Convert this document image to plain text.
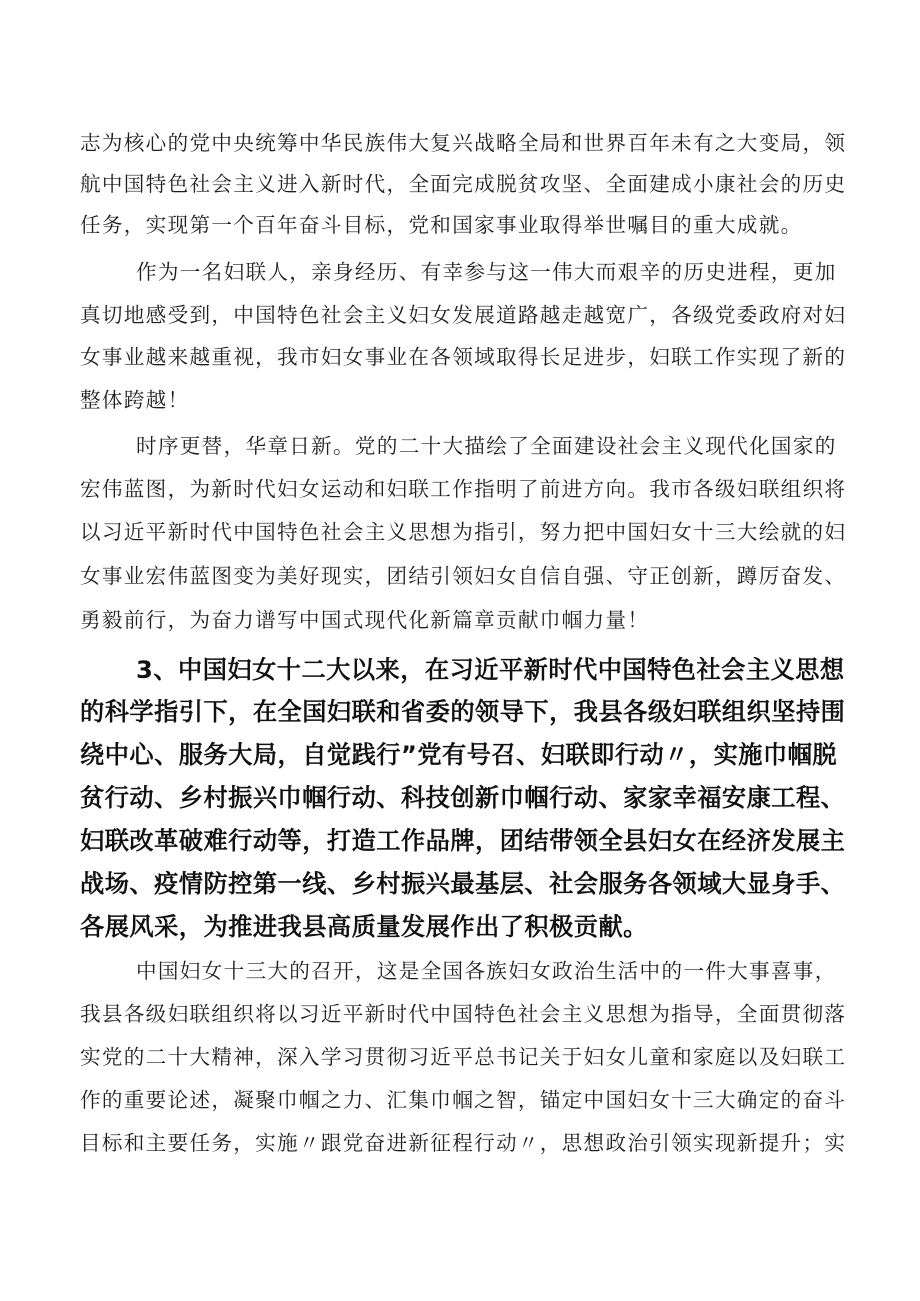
志为核心的党中央统筹中华民族伟大复兴战略全局和世界百年未有之大变局，领
航中国特色社会主义进入新时代，全面完成脱贫攻坚、全面建成小康社会的历史
任务，实现第一个百年奋斗目标，党和国家事业取得举世嘱目的重大成就。
作为一名妇联人，亲身经历、有幸参与这一伟大而艰辛的历史进程，更加
真切地感受到，中国特色社会主义妇女发展道路越走越宽广，各级党委政府对妇
女事业越来越重视，我市妇女事业在各领域取得长足进步，妇联工作实现了新的
整体跨越！
时序更替，华章日新。党的二十大描绘了全面建设社会主义现代化国家的
宏伟蓝图，为新时代妇女运动和妇联工作指明了前进方向。我市各级妇联组织将
以习近平新时代中国特色社会主义思想为指引，努力把中国妇女十三大绘就的妇
女事业宏伟蓝图变为美好现实，团结引领妇女自信自强、守正创新，蹲厉奋发、
勇毅前行，为奋力谱写中国式现代化新篇章贡献巾帼力量！
3、中国妇女十二大以来，在习近平新时代中国特色社会主义思想
的科学指引下，在全国妇联和省委的领导下，我县各级妇联组织坚持围
绕中心、服务大局，自觉践行”党有号召、妇联即行动〃，实施巾帼脱
贫行动、乡村振兴巾帼行动、科技创新巾帼行动、家家幸福安康工程、
妇联改革破难行动等，打造工作品牌，团结带领全县妇女在经济发展主
战场、疫情防控第一线、乡村振兴最基层、社会服务各领域大显身手、
各展风采，为推进我县高质量发展作出了积极贡献。
中国妇女十三大的召开，这是全国各族妇女政治生活中的一件大事喜事，
我县各级妇联组织将以习近平新时代中国特色社会主义思想为指导，全面贯彻落
实党的二十大精神，深入学习贯彻习近平总书记关于妇女儿童和家庭以及妇联工
作的重要论述，凝聚巾帼之力、汇集巾帼之智，锚定中国妇女十三大确定的奋斗
目标和主要任务，实施〃跟党奋进新征程行动〃，思想政治引领实现新提升；实
